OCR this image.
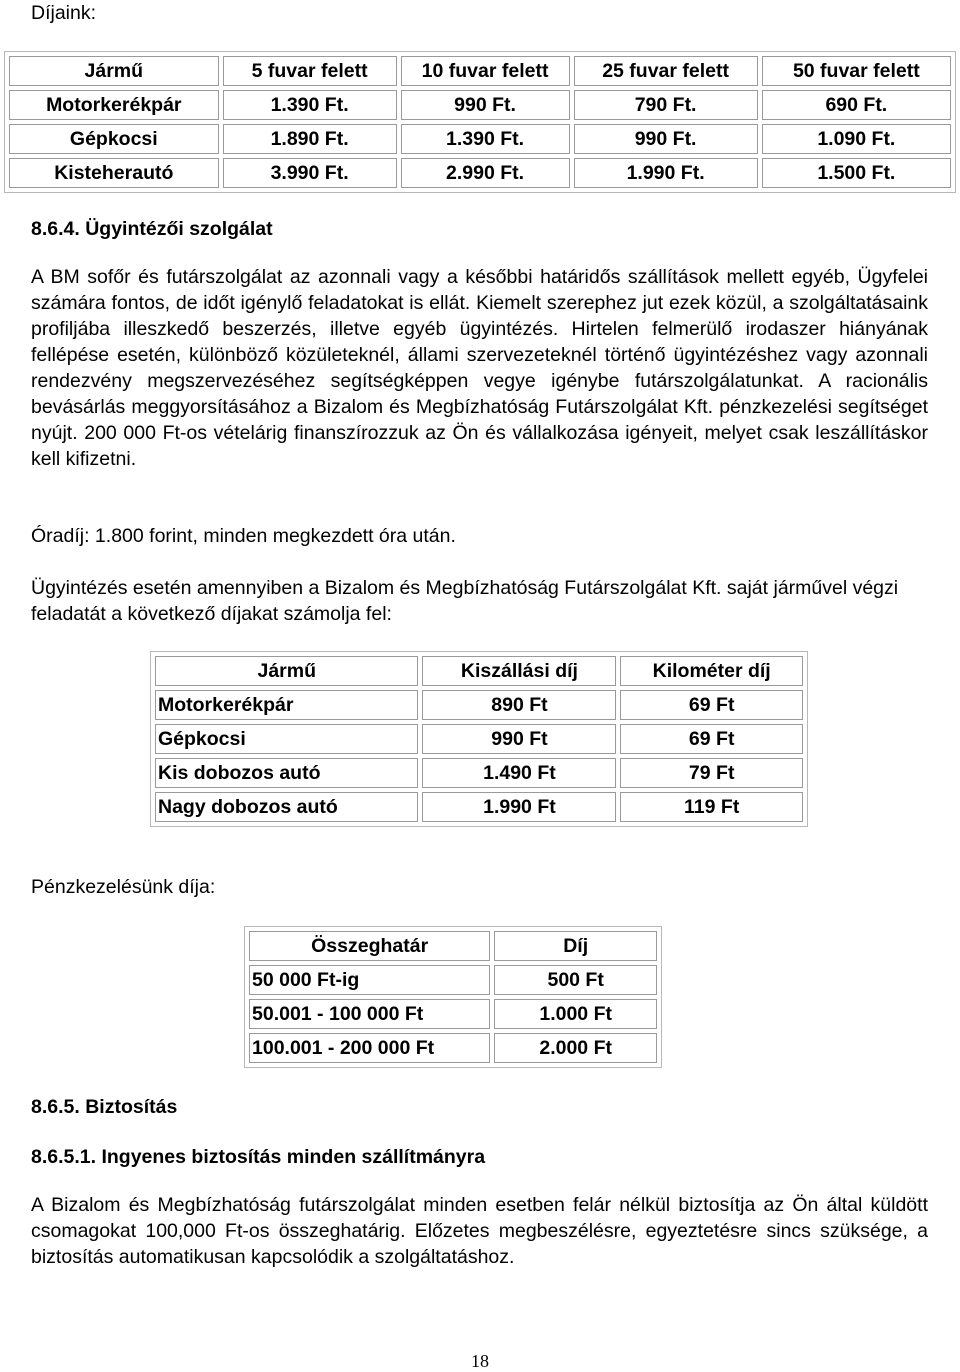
Díjaink:
Jármű	5 fuvar felett	10 fuvar felett	25 fuvar felett	50 fuvar felett
Motorkerékpár	1.390 Ft.	990 Ft.	790 Ft.	690 Ft.
Gépkocsi	1.890 Ft.	1.390 Ft.	990 Ft.	1.090 Ft.
Kisteherautó	3.990 Ft.	2.990 Ft.	1.990 Ft.	1.500 Ft.
8.6.4. Ügyintézői szolgálat
A BM sofőr és futárszolgálat az azonnali vagy a későbbi határidős szállítások mellett egyéb, Ügyfelei számára fontos, de időt igénylő feladatokat is ellát. Kiemelt szerephez jut ezek közül, a szolgáltatásaink profiljába illeszkedő beszerzés, illetve egyéb ügyintézés. Hirtelen felmerülő irodaszer hiányának fellépése esetén, különböző közületeknél, állami szervezeteknél történő ügyintézéshez vagy azonnali rendezvény megszervezéséhez segítségképpen vegye igénybe futárszolgálatunkat. A racionális bevásárlás meggyorsításához a Bizalom és Megbízhatóság Futárszolgálat Kft. pénzkezelési segítséget nyújt. 200 000 Ft-os vételárig finanszírozzuk az Ön és vállalkozása igényeit, melyet csak leszállításkor kell kifizetni.
Óradíj: 1.800 forint, minden megkezdett óra után.
Ügyintézés esetén amennyiben a Bizalom és Megbízhatóság Futárszolgálat Kft. saját járművel végzi feladatát a következő díjakat számolja fel:
Jármű	Kiszállási díj	Kilométer díj
Motorkerékpár	890 Ft	69 Ft
Gépkocsi	990 Ft	69 Ft
Kis dobozos autó	1.490 Ft	79 Ft
Nagy dobozos autó	1.990 Ft	119 Ft
Pénzkezelésünk díja:
Összeghatár	Díj
50 000 Ft-ig	500 Ft
50.001 - 100 000 Ft	1.000 Ft
100.001 - 200 000 Ft	2.000 Ft
8.6.5. Biztosítás
8.6.5.1. Ingyenes biztosítás minden szállítmányra
A Bizalom és Megbízhatóság futárszolgálat minden esetben felár nélkül biztosítja az Ön által küldött csomagokat 100,000 Ft-os összeghatárig. Előzetes megbeszélésre, egyeztetésre sincs szüksége, a biztosítás automatikusan kapcsolódik a szolgáltatáshoz.
18
